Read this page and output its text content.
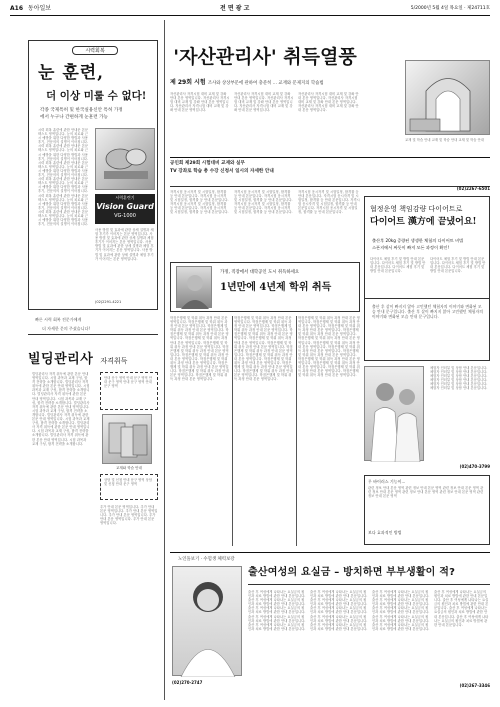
A16 동아일보	전 면 광 고	5/2000년 5월 4일 목요일 · 제24711호
시력회복
눈 훈련,
더 이상 미룰 수 없다!
각종 국제특허 및 한국실용신안 특허 가정
에서 누구나 간편하게 눈훈련 가능
시력 회복 훈련에 관한 안내문 본문 텍스트 영역입니다. 눈의 피로와 근시 예방을 위한 다양한 방법과 사용 후기, 전문의의 설명이 이어집니다. 시력 회복 훈련에 관한 안내문 본문 텍스트 영역입니다. 눈의 피로와 근시 예방을 위한 다양한 방법과 사용 후기, 전문의의 설명이 이어집니다. 시력 회복 훈련에 관한 안내문 본문 텍스트 영역입니다. 눈의 피로와 근시 예방을 위한 다양한 방법과 사용 후기, 전문의의 설명이 이어집니다. 시력 회복 훈련에 관한 안내문 본문 텍스트 영역입니다. 눈의 피로와 근시 예방을 위한 다양한 방법과 사용 후기, 전문의의 설명이 이어집니다. 시력 회복 훈련에 관한 안내문 본문 텍스트 영역입니다. 눈의 피로와 근시 예방을 위한 다양한 방법과 사용 후기, 전문의의 설명이 이어집니다. 시력 회복 훈련에 관한 안내문 본문 텍스트 영역입니다. 눈의 피로와 근시 예방을 위한 다양한 방법과 사용 후기, 전문의의 설명이 이어집니다.
시력훈련기
Vision Guard
VG-1000
사용 방법 및 효과에 관한 상세 설명과 체험 후기가 이어지는 본문 영역입니다. 사용 방법 및 효과에 관한 상세 설명과 체험 후기가 이어지는 본문 영역입니다. 사용 방법 및 효과에 관한 상세 설명과 체험 후기가 이어지는 본문 영역입니다. 사용 방법 및 효과에 관한 상세 설명과 체험 후기가 이어지는 본문 영역입니다.
(02)2291-4221
빠른 시력 회복 전문가에게
더 자세한 문의 주셨습니다!
빌딩관리사 자격취득
빌딩관리사 자격 취득에 관한 본문 안내 영역입니다. 시험 과목과 교재 구성, 합격 전략을 소개합니다. 빌딩관리사 자격 취득에 관한 본문 안내 영역입니다. 시험 과목과 교재 구성, 합격 전략을 소개합니다. 빌딩관리사 자격 취득에 관한 본문 안내 영역입니다. 시험 과목과 교재 구성, 합격 전략을 소개합니다. 빌딩관리사 자격 취득에 관한 본문 안내 영역입니다. 시험 과목과 교재 구성, 합격 전략을 소개합니다. 빌딩관리사 자격 취득에 관한 본문 안내 영역입니다. 시험 과목과 교재 구성, 합격 전략을 소개합니다. 빌딩관리사 자격 취득에 관한 본문 안내 영역입니다. 시험 과목과 교재 구성, 합격 전략을 소개합니다. 빌딩관리사 자격 취득에 관한 본문 안내 영역입니다. 시험 과목과 교재 구성, 합격 전략을 소개합니다.
안내 문구 영역 안내 문구 영역 안내 문구 영역 안내 문구 영역 안내 문구 영역
교재와 학습 안내
상담 및 신청 안내 문구 영역 상담 및 신청 안내 문구 영역
추가 안내 본문 영역입니다. 추가 안내 본문 영역입니다. 추가 안내 본문 영역입니다. 추가 안내 본문 영역입니다. 추가 안내 본문 영역입니다. 추가 안내 본문 영역입니다.
'자산관리사' 취득열풍
제 29회 시험 조사와 상상부문에 관하여 충분히 ... 교재와 문제지의 학습법
자산관리사 자격시험 대비 교재 및 강좌 안내 본문 영역입니다. 자산관리사 자격시험 대비 교재 및 강좌 안내 본문 영역입니다. 자산관리사 자격시험 대비 교재 및 강좌 안내 본문 영역입니다.
자산관리사 자격시험 대비 교재 및 강좌 안내 본문 영역입니다. 자산관리사 자격시험 대비 교재 및 강좌 안내 본문 영역입니다. 자산관리사 자격시험 대비 교재 및 강좌 안내 본문 영역입니다.
자산관리사 자격시험 대비 교재 및 강좌 안내 본문 영역입니다. 자산관리사 자격시험 대비 교재 및 강좌 안내 본문 영역입니다. 자산관리사 자격시험 대비 교재 및 강좌 안내 본문 영역입니다.
교재 및 학습 안내 교재 및 학습 안내 교재 및 학습 안내
공인회 제29회 시험대비 교재와 실무
TV 강좌로 학습 총 수강 신청서 일시의 자세한 안내
자격시험 응시자격 및 시험일정, 합격률 등 안내 본문입니다. 자격시험 응시자격 및 시험일정, 합격률 등 안내 본문입니다. 자격시험 응시자격 및 시험일정, 합격률 등 안내 본문입니다. 자격시험 응시자격 및 시험일정, 합격률 등 안내 본문입니다.
자격시험 응시자격 및 시험일정, 합격률 등 안내 본문입니다. 자격시험 응시자격 및 시험일정, 합격률 등 안내 본문입니다. 자격시험 응시자격 및 시험일정, 합격률 등 안내 본문입니다. 자격시험 응시자격 및 시험일정, 합격률 등 안내 본문입니다.
자격시험 응시자격 및 시험일정, 합격률 등 안내 본문입니다. 자격시험 응시자격 및 시험일정, 합격률 등 안내 본문입니다. 자격시험 응시자격 및 시험일정, 합격률 등 안내 본문입니다. 자격시험 응시자격 및 시험일정, 합격률 등 안내 본문입니다.
(02)2267-6501
협정운영 책임감량 다이어트로
다이어트 漢方에 끝냈어요!
출산후 20kg 증량된 생생한 체험의 다이어트 비법
스폰지에서 짜듯이 빠져 모든 과정이 확인!
다이어트 체험 후기 및 방법 안내 본문입니다. 다이어트 체험 후기 및 방법 안내 본문입니다. 다이어트 체험 후기 및 방법 안내 본문입니다.
다이어트 체험 후기 및 방법 안내 본문입니다. 다이어트 체험 후기 및 방법 안내 본문입니다. 다이어트 체험 후기 및 방법 안내 본문입니다.
출산 후 살이 빠지지 않아 고민했던 체험자의 이야기와 변화된 모습 안내 문구입니다. 출산 후 살이 빠지지 않아 고민했던 체험자의 이야기와 변화된 모습 안내 문구입니다.
체험자 인터뷰 및 상담 안내 본문입니다. 체험자 인터뷰 및 상담 안내 본문입니다. 체험자 인터뷰 및 상담 안내 본문입니다. 체험자 인터뷰 및 상담 안내 본문입니다. 체험자 인터뷰 및 상담 안내 본문입니다. 체험자 인터뷰 및 상담 안내 본문입니다.
(02)470-3799
가정, 직장에서 대학공인 도시 취득하세요
1년만에 4년제 학위 취득
학점은행제 및 학위 취득 과정 안내 본문 영역입니다. 학점은행제 및 학위 취득 과정 안내 본문 영역입니다. 학점은행제 및 학위 취득 과정 안내 본문 영역입니다. 학점은행제 및 학위 취득 과정 안내 본문 영역입니다. 학점은행제 및 학위 취득 과정 안내 본문 영역입니다. 학점은행제 및 학위 취득 과정 안내 본문 영역입니다. 학점은행제 및 학위 취득 과정 안내 본문 영역입니다. 학점은행제 및 학위 취득 과정 안내 본문 영역입니다. 학점은행제 및 학위 취득 과정 안내 본문 영역입니다. 학점은행제 및 학위 취득 과정 안내 본문 영역입니다. 학점은행제 및 학위 취득 과정 안내 본문 영역입니다. 학점은행제 및 학위 취득 과정 안내 본문 영역입니다.
학점은행제 및 학위 취득 과정 안내 본문 영역입니다. 학점은행제 및 학위 취득 과정 안내 본문 영역입니다. 학점은행제 및 학위 취득 과정 안내 본문 영역입니다. 학점은행제 및 학위 취득 과정 안내 본문 영역입니다. 학점은행제 및 학위 취득 과정 안내 본문 영역입니다. 학점은행제 및 학위 취득 과정 안내 본문 영역입니다. 학점은행제 및 학위 취득 과정 안내 본문 영역입니다. 학점은행제 및 학위 취득 과정 안내 본문 영역입니다. 학점은행제 및 학위 취득 과정 안내 본문 영역입니다. 학점은행제 및 학위 취득 과정 안내 본문 영역입니다. 학점은행제 및 학위 취득 과정 안내 본문 영역입니다. 학점은행제 및 학위 취득 과정 안내 본문 영역입니다.
학점은행제 및 학위 취득 과정 안내 본문 영역입니다. 학점은행제 및 학위 취득 과정 안내 본문 영역입니다. 학점은행제 및 학위 취득 과정 안내 본문 영역입니다. 학점은행제 및 학위 취득 과정 안내 본문 영역입니다. 학점은행제 및 학위 취득 과정 안내 본문 영역입니다. 학점은행제 및 학위 취득 과정 안내 본문 영역입니다. 학점은행제 및 학위 취득 과정 안내 본문 영역입니다. 학점은행제 및 학위 취득 과정 안내 본문 영역입니다. 학점은행제 및 학위 취득 과정 안내 본문 영역입니다. 학점은행제 및 학위 취득 과정 안내 본문 영역입니다. 학점은행제 및 학위 취득 과정 안내 본문 영역입니다. 학점은행제 및 학위 취득 과정 안내 본문 영역입니다.
무 바이러스 기능이...
관련 정보 안내 본문 영역 관련 정보 안내 본문 영역 관련 정보 안내 본문 영역 관련 정보 안내 본문 영역 관련 정보 안내 본문 영역 관련 정보 안내 본문 영역 관련 정보 안내 본문 영역
보다 효과적인 방법
노인돌보기 · 수험생 체력보강
출산여성의 요실금 – 방치하면 부부생활이 적?
(02)270-2747
출산 후 여성에게 나타나는 요실금의 원인과 치료 방법에 관한 안내 본문입니다. 출산 후 여성에게 나타나는 요실금의 원인과 치료 방법에 관한 안내 본문입니다. 출산 후 여성에게 나타나는 요실금의 원인과 치료 방법에 관한 안내 본문입니다. 출산 후 여성에게 나타나는 요실금의 원인과 치료 방법에 관한 안내 본문입니다. 출산 후 여성에게 나타나는 요실금의 원인과 치료 방법에 관한 안내 본문입니다.
출산 후 여성에게 나타나는 요실금의 원인과 치료 방법에 관한 안내 본문입니다. 출산 후 여성에게 나타나는 요실금의 원인과 치료 방법에 관한 안내 본문입니다. 출산 후 여성에게 나타나는 요실금의 원인과 치료 방법에 관한 안내 본문입니다. 출산 후 여성에게 나타나는 요실금의 원인과 치료 방법에 관한 안내 본문입니다. 출산 후 여성에게 나타나는 요실금의 원인과 치료 방법에 관한 안내 본문입니다.
출산 후 여성에게 나타나는 요실금의 원인과 치료 방법에 관한 안내 본문입니다. 출산 후 여성에게 나타나는 요실금의 원인과 치료 방법에 관한 안내 본문입니다. 출산 후 여성에게 나타나는 요실금의 원인과 치료 방법에 관한 안내 본문입니다. 출산 후 여성에게 나타나는 요실금의 원인과 치료 방법에 관한 안내 본문입니다. 출산 후 여성에게 나타나는 요실금의 원인과 치료 방법에 관한 안내 본문입니다.
출산 후 여성에게 나타나는 요실금의 원인과 치료 방법에 관한 안내 본문입니다. 출산 후 여성에게 나타나는 요실금의 원인과 치료 방법에 관한 안내 본문입니다. 출산 후 여성에게 나타나는 요실금의 원인과 치료 방법에 관한 안내 본문입니다. 출산 후 여성에게 나타나는 요실금의 원인과 치료 방법에 관한 안내 본문입니다.
(02)267-3346
